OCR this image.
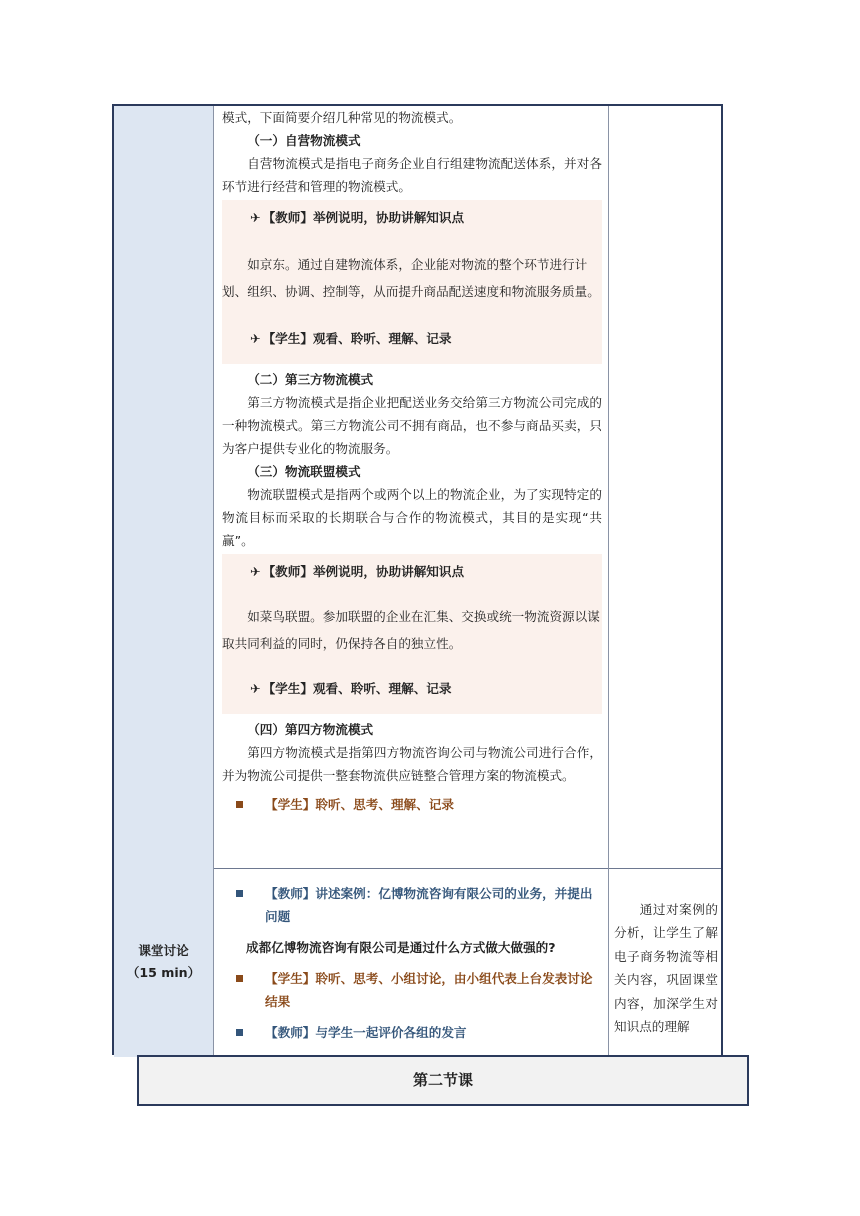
模式，下面简要介绍几种常见的物流模式。

（一）自营物流模式

自营物流模式是指电子商务企业自行组建物流配送体系，并对各环节进行经营和管理的物流模式。

✈ 【教师】举例说明，协助讲解知识点

如京东。通过自建物流体系，企业能对物流的整个环节进行计划、组织、协调、控制等，从而提升商品配送速度和物流服务质量。

✈ 【学生】观看、聆听、理解、记录

（二）第三方物流模式

第三方物流模式是指企业把配送业务交给第三方物流公司完成的一种物流模式。第三方物流公司不拥有商品，也不参与商品买卖，只为客户提供专业化的物流服务。

（三）物流联盟模式

物流联盟模式是指两个或两个以上的物流企业，为了实现特定的物流目标而采取的长期联合与合作的物流模式，其目的是实现“共赢”。

✈ 【教师】举例说明，协助讲解知识点

如菜鸟联盟。参加联盟的企业在汇集、交换或统一物流资源以谋取共同利益的同时，仍保持各自的独立性。

✈ 【学生】观看、聆听、理解、记录

（四）第四方物流模式

第四方物流模式是指第四方物流咨询公司与物流公司进行合作，并为物流公司提供一整套物流供应链整合管理方案的物流模式。

【学生】聆听、思考、理解、记录
课堂讨论
（15 min）
【教师】讲述案例：亿博物流咨询有限公司的业务，并提出问题

成都亿博物流咨询有限公司是通过什么方式做大做强的?

【学生】聆听、思考、小组讨论，由小组代表上台发表讨论结果
【教师】与学生一起评价各组的发言
通过对案例的分析，让学生了解电子商务物流等相关内容，巩固课堂内容，加深学生对知识点的理解
第二节课
